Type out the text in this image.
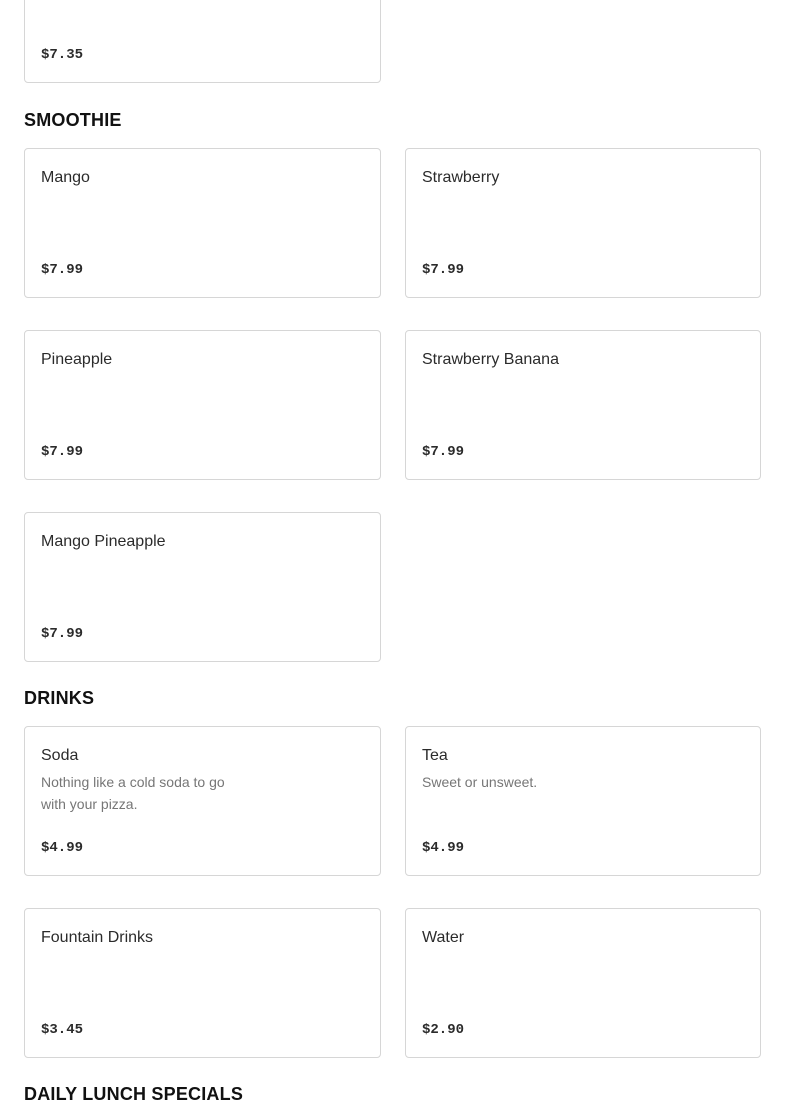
$7.35
SMOOTHIE
Mango
$7.99
Strawberry
$7.99
Pineapple
$7.99
Strawberry Banana
$7.99
Mango Pineapple
$7.99
DRINKS
Soda

Nothing like a cold soda to go with your pizza.

$4.99
Tea

Sweet or unsweet.

$4.99
Fountain Drinks
$3.45
Water
$2.90
DAILY LUNCH SPECIALS
